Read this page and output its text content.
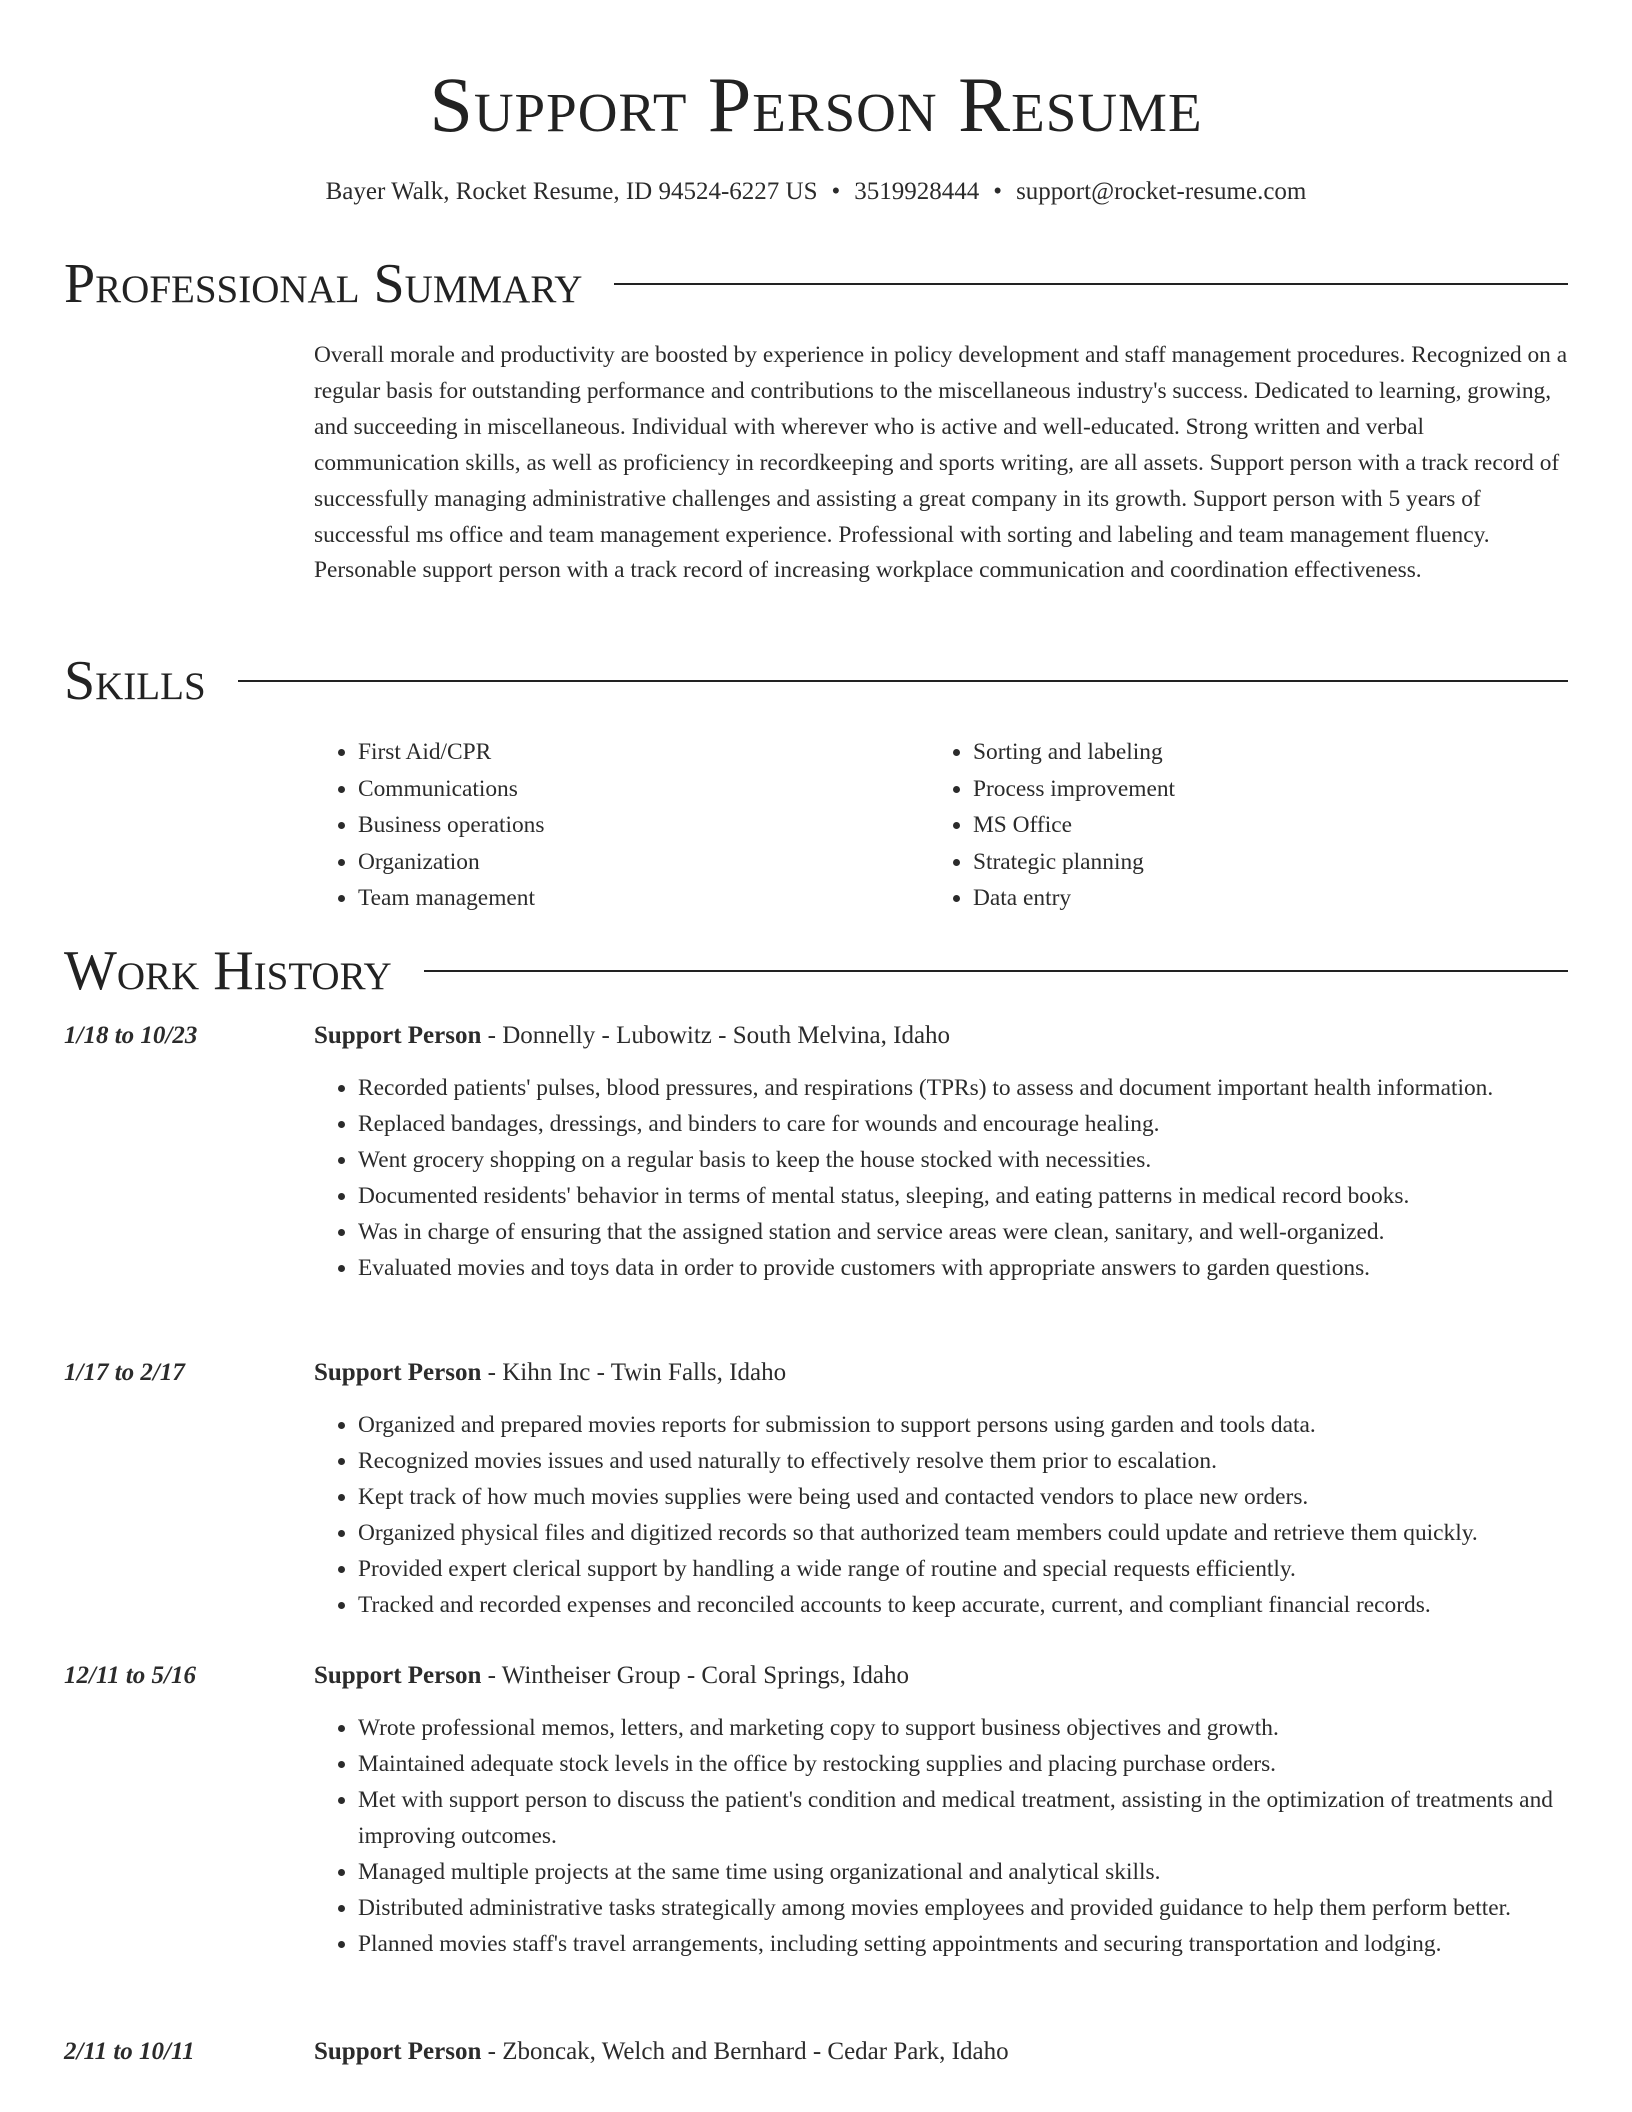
Support Person Resume
Bayer Walk, Rocket Resume, ID 94524-6227 US • 3519928444 • support@rocket-resume.com
Professional Summary
Overall morale and productivity are boosted by experience in policy development and staff management procedures. Recognized on a regular basis for outstanding performance and contributions to the miscellaneous industry's success. Dedicated to learning, growing, and succeeding in miscellaneous. Individual with wherever who is active and well-educated. Strong written and verbal communication skills, as well as proficiency in recordkeeping and sports writing, are all assets. Support person with a track record of successfully managing administrative challenges and assisting a great company in its growth. Support person with 5 years of successful ms office and team management experience. Professional with sorting and labeling and team management fluency. Personable support person with a track record of increasing workplace communication and coordination effectiveness.
Skills
• First Aid/CPR
• Communications
• Business operations
• Organization
• Team management
• Sorting and labeling
• Process improvement
• MS Office
• Strategic planning
• Data entry
Work History
1/18 to 10/23	Support Person - Donnelly - Lubowitz - South Melvina, Idaho
• Recorded patients' pulses, blood pressures, and respirations (TPRs) to assess and document important health information.
• Replaced bandages, dressings, and binders to care for wounds and encourage healing.
• Went grocery shopping on a regular basis to keep the house stocked with necessities.
• Documented residents' behavior in terms of mental status, sleeping, and eating patterns in medical record books.
• Was in charge of ensuring that the assigned station and service areas were clean, sanitary, and well-organized.
• Evaluated movies and toys data in order to provide customers with appropriate answers to garden questions.
1/17 to 2/17	Support Person - Kihn Inc - Twin Falls, Idaho
• Organized and prepared movies reports for submission to support persons using garden and tools data.
• Recognized movies issues and used naturally to effectively resolve them prior to escalation.
• Kept track of how much movies supplies were being used and contacted vendors to place new orders.
• Organized physical files and digitized records so that authorized team members could update and retrieve them quickly.
• Provided expert clerical support by handling a wide range of routine and special requests efficiently.
• Tracked and recorded expenses and reconciled accounts to keep accurate, current, and compliant financial records.
12/11 to 5/16	Support Person - Wintheiser Group - Coral Springs, Idaho
• Wrote professional memos, letters, and marketing copy to support business objectives and growth.
• Maintained adequate stock levels in the office by restocking supplies and placing purchase orders.
• Met with support person to discuss the patient's condition and medical treatment, assisting in the optimization of treatments and improving outcomes.
• Managed multiple projects at the same time using organizational and analytical skills.
• Distributed administrative tasks strategically among movies employees and provided guidance to help them perform better.
• Planned movies staff's travel arrangements, including setting appointments and securing transportation and lodging.
2/11 to 10/11	Support Person - Zboncak, Welch and Bernhard - Cedar Park, Idaho
